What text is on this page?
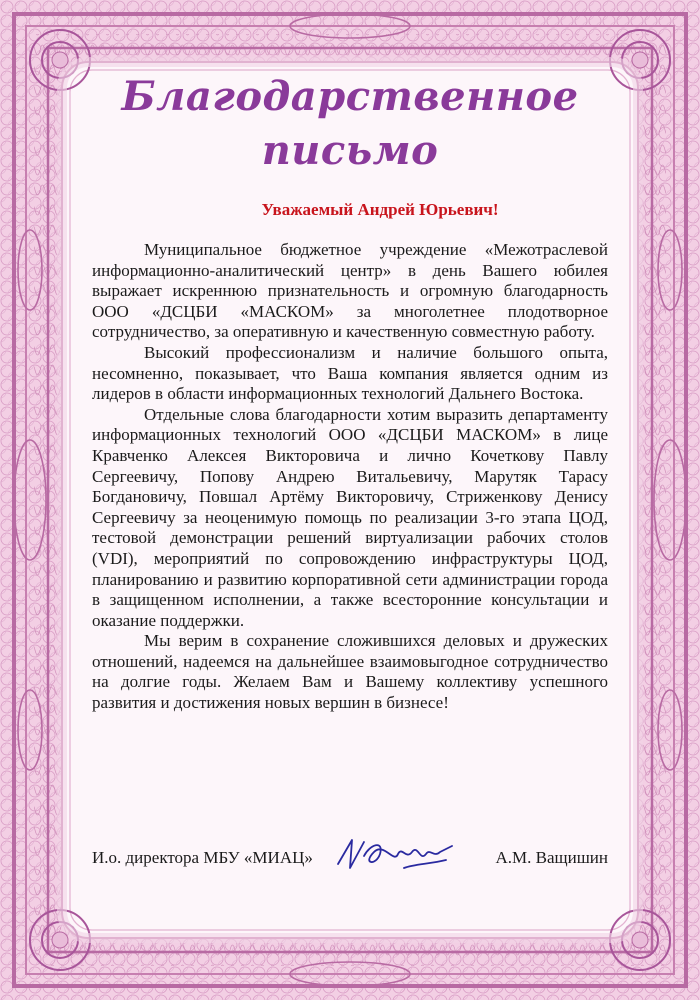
Благодарственное
письмо
Уважаемый Андрей Юрьевич!

Муниципальное бюджетное учреждение «Межотраслевой информационно-аналитический центр» в день Вашего юбилея выражает искреннюю признательность и огромную благодарность ООО «ДСЦБИ «МАСКОМ» за многолетнее плодотворное сотрудничество, за оперативную и качественную совместную работу.

Высокий профессионализм и наличие большого опыта, несомненно, показывает, что Ваша компания является одним из лидеров в области информационных технологий Дальнего Востока.

Отдельные слова благодарности хотим выразить департаменту информационных технологий ООО «ДСЦБИ МАСКОМ» в лице Кравченко Алексея Викторовича и лично Кочеткову Павлу Сергеевичу, Попову Андрею Витальевичу, Марутяк Тарасу Богдановичу, Повшал Артёму Викторовичу, Стриженкову Денису Сергеевичу за неоценимую помощь по реализации 3-го этапа ЦОД, тестовой демонстрации решений виртуализации рабочих столов (VDI), мероприятий по сопровождению инфраструктуры ЦОД, планированию и развитию корпоративной сети администрации города в защищенном исполнении, а также всесторонние консультации и оказание поддержки.

Мы верим в сохранение сложившихся деловых и дружеских отношений, надеемся на дальнейшее взаимовыгодное сотрудничество на долгие годы. Желаем Вам и Вашему коллективу успешного развития и достижения новых вершин в бизнесе!

И.о. директора МБУ «МИАЦ»	А.М. Ващишин
